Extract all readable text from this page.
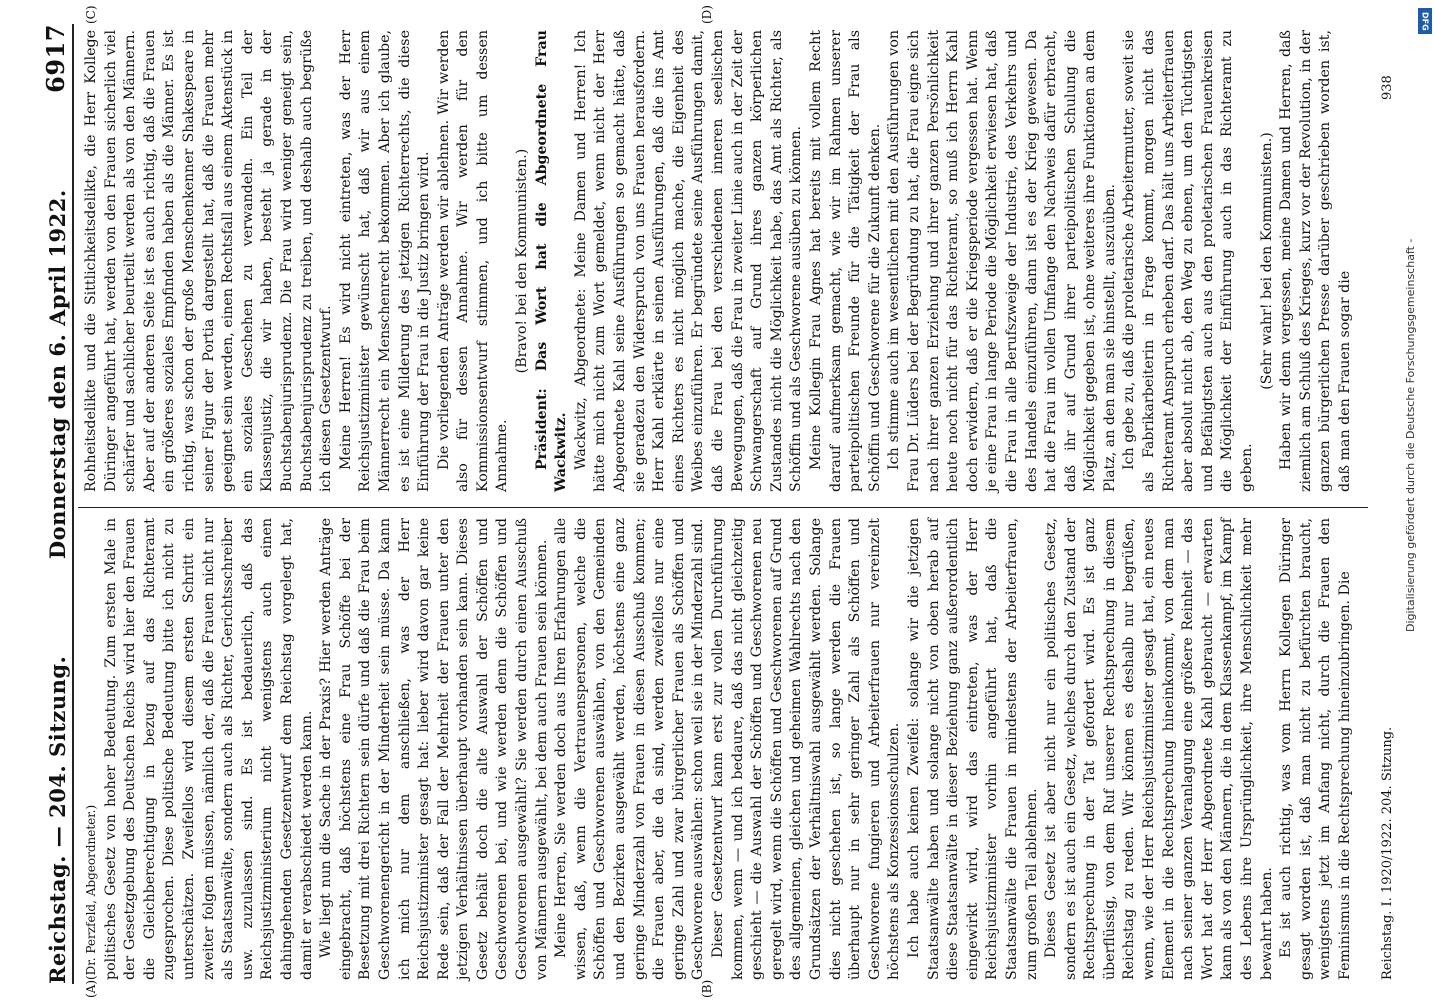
Reichstag. — 204. Sitzung.
Donnerstag den 6. April 1922.
6917
(A)	(B)
(C)	(D)

(Dr. Perzfeld, Abgeordneter.) politisches Gesetz von hoher Bedeutung. Zum ersten Male in der Gesetzgebung des Deutschen Reichs wird hier den Frauen die Gleichberechtigung in bezug auf das Richteramt zugesprochen. Diese politische Bedeutung bitte ich nicht zu unterschätzen. Zweifellos wird diesem ersten Schritt ein zweiter folgen müssen, nämlich der, daß die Frauen nicht nur als Staatsanwälte, sondern auch als Richter, Gerichtsschreiber usw. zuzulassen sind. Es ist bedauerlich, daß das Reichsjustizministerium nicht wenigstens auch einen dahingehenden Gesetzentwurf dem Reichstag vorgelegt hat, damit er verabschiedet werden kann. Wie liegt nun die Sache in der Praxis? Hier werden Anträge eingebracht, daß höchstens eine Frau Schöffe bei der Besetzung mit drei Richtern sein dürfe und daß die Frau beim Geschworenengericht in der Minderheit sein müsse. Da kann ich mich nur dem anschließen, was der Herr Reichsjustizminister gesagt hat: lieber wird davon gar keine Rede sein, daß der Fall der Mehrheit der Frauen unter den jetzigen Verhältnissen überhaupt vorhanden sein kann. Dieses Gesetz behält doch die alte Auswahl der Schöffen und Geschworenen bei, und wie werden denn die Schöffen und Geschworenen ausgewählt? Sie werden durch einen Ausschuß von Männern ausgewählt, bei dem auch Frauen sein können. Meine Herren, Sie werden doch aus Ihren Erfahrungen alle wissen, daß, wenn die Vertrauenspersonen, welche die Schöffen und Geschworenen auswählen, von den Gemeinden und den Bezirken ausgewählt werden, höchstens eine ganz geringe Minderzahl von Frauen in diesen Ausschuß kommen; die Frauen aber, die da sind, werden zweifellos nur eine geringe Zahl und zwar bürgerlicher Frauen als Schöffen und Geschworene auswählen: schon weil sie in der Minderzahl sind. Dieser Gesetzentwurf kann erst zur vollen Durchführung kommen, wenn — und ich bedaure, daß das nicht gleichzeitig geschieht — die Auswahl der Schöffen und Geschworenen neu geregelt wird, wenn die Schöffen und Geschworenen auf Grund des allgemeinen, gleichen und geheimen Wahlrechts nach den Grundsätzen der Verhältniswahl ausgewählt werden. Solange dies nicht geschehen ist, so lange werden die Frauen überhaupt nur in sehr geringer Zahl als Schöffen und Geschworene fungieren und Arbeiterfrauen nur vereinzelt höchstens als Konzessionsschulzen. Ich habe auch keinen Zweifel: solange wir die jetzigen Staatsanwälte haben und solange nicht von oben herab auf diese Staatsanwälte in dieser Beziehung ganz außerordentlich eingewirkt wird, wird das eintreten, was der Herr Reichsjustizminister vorhin angeführt hat, daß die Staatsanwälte die Frauen in mindestens der Arbeiterfrauen, zum großen Teil ablehnen. Dieses Gesetz ist aber nicht nur ein politisches Gesetz, sondern es ist auch ein Gesetz, welches durch den Zustand der Rechtsprechung in der Tat gefordert wird. Es ist ganz überflüssig, von dem Ruf unserer Rechtsprechung in diesem Reichstag zu reden. Wir können es deshalb nur begrüßen, wenn, wie der Herr Reichsjustizminister gesagt hat, ein neues Element in die Rechtsprechung hineinkommt, von dem man nach seiner ganzen Veranlagung eine größere Reinheit — das Wort hat der Herr Abgeordnete Kahl gebraucht — erwarten kann als von den Männern, die in dem Klassenkampf, im Kampf des Lebens ihre Ursprünglichkeit, ihre Menschlichkeit mehr bewahrt haben. Es ist auch richtig, was vom Herrn Kollegen Düringer gesagt worden ist, daß man nicht zu befürchten braucht, wenigstens jetzt im Anfang nicht, durch die Frauen den Feminismus in die Rechtsprechung hineinzubringen. Die

Rohheitsdelikte und die Sittlichkeitsdelikte, die Herr Kollege Düringer angeführt hat, werden von den Frauen sicherlich viel schärfer und sachlicher beurteilt werden als von den Männern. Aber auf der anderen Seite ist es auch richtig, daß die Frauen ein größeres soziales Empfinden haben als die Männer. Es ist richtig, was schon der große Menschenkenner Shakespeare in seiner Figur der Portia dargestellt hat, daß die Frauen mehr geeignet sein werden, einen Rechtsfall aus einem Aktenstück in ein soziales Geschehen zu verwandeln. Ein Teil der Klassenjustiz, die wir haben, besteht ja gerade in der Buchstabenjurisprudenz. Die Frau wird weniger geneigt sein, Buchstabenjurisprudenz zu treiben, und deshalb auch begrüße ich diesen Gesetzentwurf. Meine Herren! Es wird nicht eintreten, was der Herr Reichsjustizminister gewünscht hat, daß wir aus einem Männerrecht ein Menschenrecht bekommen. Aber ich glaube, es ist eine Milderung des jetzigen Richterrechts, die diese Einführung der Frau in die Justiz bringen wird. Die vorliegenden Anträge werden wir ablehnen. Wir werden also für dessen Annahme. Wir werden für den Kommissionsentwurf stimmen, und ich bitte um dessen Annahme.

(Bravo! bei den Kommunisten.) Präsident: Das Wort hat die Abgeordnete Frau Wackwitz. Wackwitz, Abgeordnete: Meine Damen und Herren! Ich hätte mich nicht zum Wort gemeldet, wenn nicht der Herr Abgeordnete Kahl seine Ausführungen so gemacht hätte, daß sie geradezu den Widerspruch von uns Frauen herausfordern. Herr Kahl erklärte in seinen Ausführungen, daß die ins Amt eines Richters es nicht möglich mache, die Eigenheit des Weibes einzuführen. Er begründete seine Ausführungen damit, daß die Frau bei den verschiedenen inneren seelischen Bewegungen, daß die Frau in zweiter Linie auch in der Zeit der Schwangerschaft auf Grund ihres ganzen körperlichen Zustandes nicht die Möglichkeit habe, das Amt als Richter, als Schöffin und als Geschworene ausüben zu können. Meine Kollegin Frau Agnes hat bereits mit vollem Recht darauf aufmerksam gemacht, wie wir im Rahmen unserer parteipolitischen Freunde für die Tätigkeit der Frau als Schöffin und Geschworene für die Zukunft denken. Ich stimme auch im wesentlichen mit den Ausführungen von Frau Dr. Lüders bei der Begründung zu hat, die Frau eigne sich nach ihrer ganzen Erziehung und ihrer ganzen Persönlichkeit heute noch nicht für das Richteramt, so muß ich Herrn Kahl doch erwidern, daß er die Kriegsperiode vergessen hat. Wenn je eine Frau in lange Periode die Möglichkeit erwiesen hat, daß die Frau in alle Berufszweige der Industrie, des Verkehrs und des Handels einzuführen, dann ist es der Krieg gewesen. Da hat die Frau im vollen Umfange den Nachweis dafür erbracht, daß ihr auf Grund ihrer parteipolitischen Schulung die Möglichkeit gegeben ist, ohne weiteres ihre Funktionen an dem Platz, an den man sie hinstellt, auszuüben. Ich gebe zu, daß die proletarische Arbeitermutter, soweit sie als Fabrikarbeiterin in Frage kommt, morgen nicht das Richteramt Anspruch erheben darf. Das hält uns Arbeiterfrauen aber absolut nicht ab, den Weg zu ebnen, um den Tüchtigsten und Befähigtsten auch aus den proletarischen Frauenkreisen die Möglichkeit der Einführung auch in das Richteramt zu geben.

(Sehr wahr! bei den Kommunisten.) Haben wir denn vergessen, meine Damen und Herren, daß ziemlich am Schluß des Krieges, kurz vor der Revolution, in der ganzen bürgerlichen Presse darüber geschrieben worden ist, daß man den Frauen sogar die

Reichstag. I. 1920/1922. 204. Sitzung.
938
DFG
Digitalisierung gefördert durch die Deutsche Forschungsgemeinschaft -
